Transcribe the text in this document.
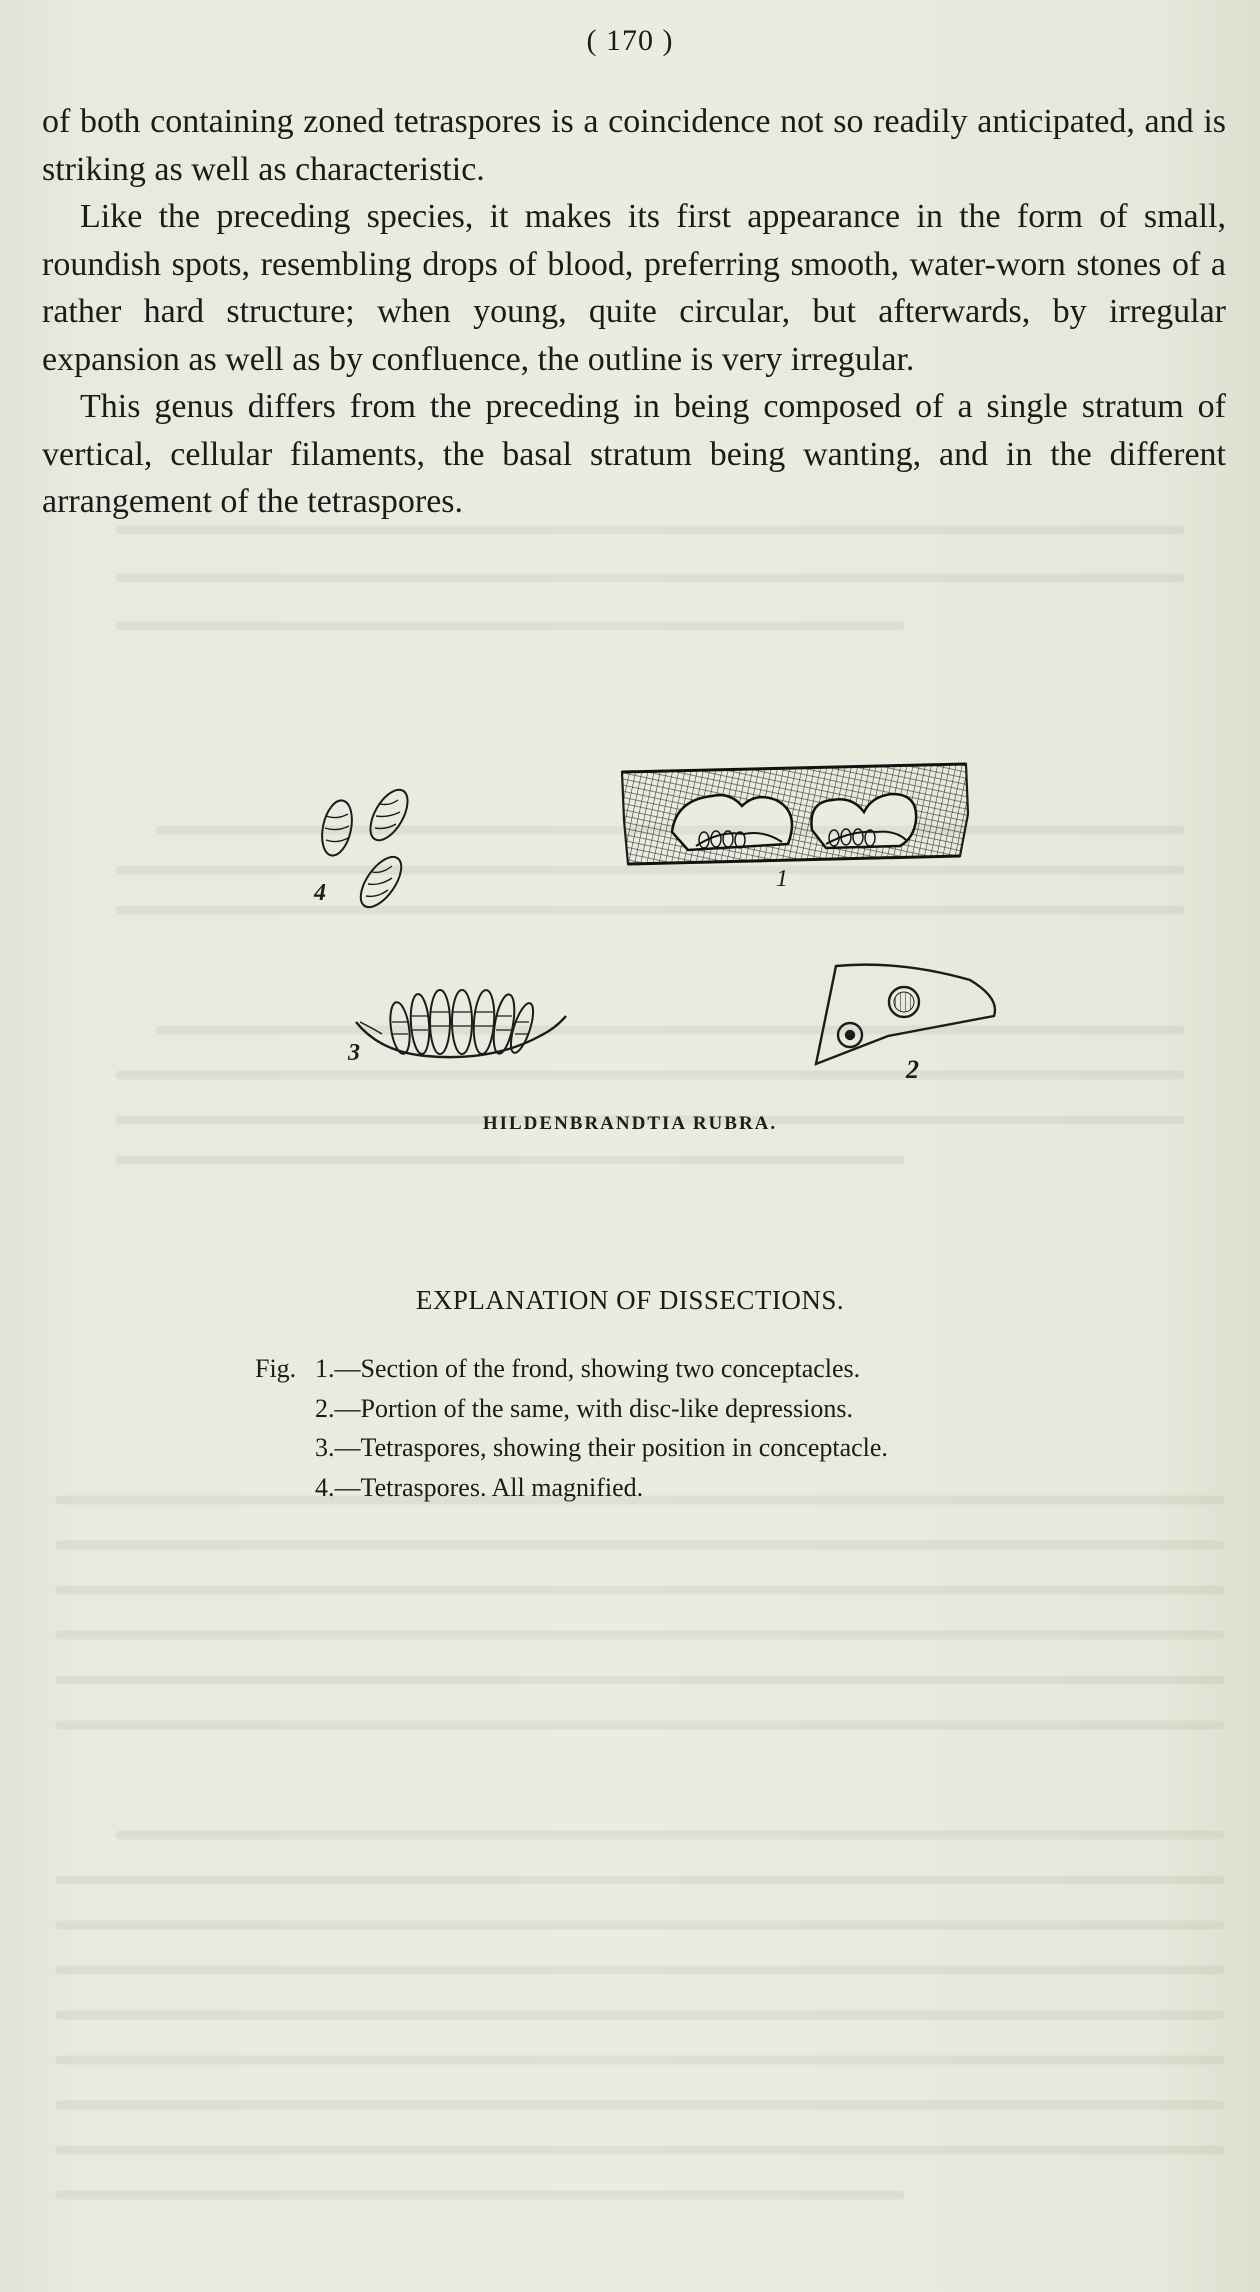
( 170 )

of both containing zoned tetraspores is a coincidence not so readily anticipated, and is striking as well as characteristic.

Like the preceding species, it makes its first appearance in the form of small, roundish spots, resembling drops of blood, preferring smooth, water-worn stones of a rather hard structure; when young, quite circular, but afterwards, by irregular expansion as well as by confluence, the outline is very irregular.

This genus differs from the preceding in being composed of a single stratum of vertical, cellular filaments, the basal stratum being wanting, and in the different arrangement of the tetraspores.

4
1
3
2
HILDENBRANDTIA RUBRA.
EXPLANATION OF DISSECTIONS.
Fig. 1. —Section of the frond, showing two conceptacles.
2. —Portion of the same, with disc-like depressions.
3. —Tetraspores, showing their position in conceptacle.
4. —Tetraspores. All magnified.
